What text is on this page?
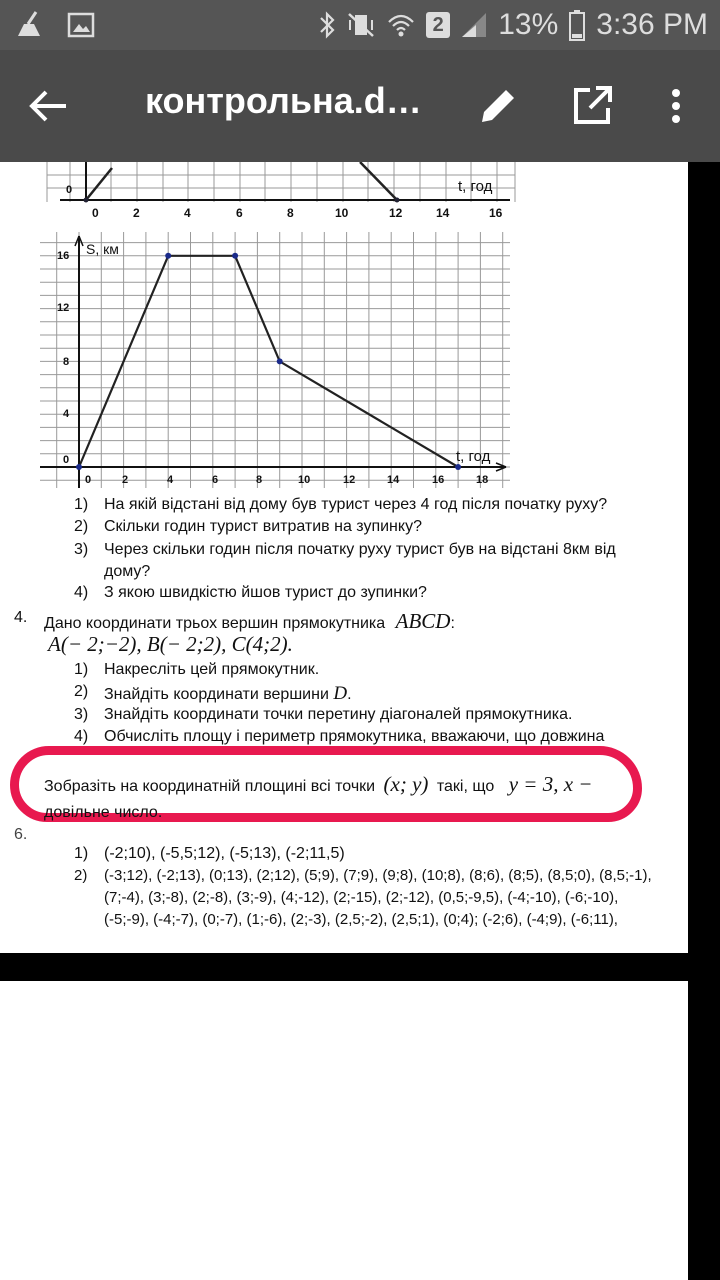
2 13% 3:36 PM
контрольна.d…
0	t, год
0	2	4	6	8	10	12	14	16
S, км
t, год
16
12
8
4
0
0	2	4	6	8	10	12	14	16	18
1) На якій відстані від дому був турист через 4 год після початку руху?
2) Скільки годин турист витратив на зупинку?
3) Через скільки годин після початку руху турист був на відстані 8км від
дому?
4) З якою швидкістю йшов турист до зупинки?
4. Дано координати трьох вершин прямокутника ABCD:
A(− 2;−2), B(− 2;2), C(4;2).
1) Накресліть цей прямокутник.
2) Знайдіть координати вершини D.
3) Знайдіть координати точки перетину діагоналей прямокутника.
4) Обчисліть площу і периметр прямокутника, вважаючи, що довжина
Зобразіть на координатній площині всі точки (x; y) такі, що y = 3, x −
довільне число.
6.
1) (-2;10), (-5,5;12), (-5;13), (-2;11,5)
2) (-3;12), (-2;13), (0;13), (2;12), (5;9), (7;9), (9;8), (10;8), (8;6), (8;5), (8,5;0), (8,5;-1),
(7;-4), (3;-8), (2;-8), (3;-9), (4;-12), (2;-15), (2;-12), (0,5;-9,5), (-4;-10), (-6;-10),
(-5;-9), (-4;-7), (0;-7), (1;-6), (2;-3), (2,5;-2), (2,5;1), (0;4); (-2;6), (-4;9), (-6;11),
